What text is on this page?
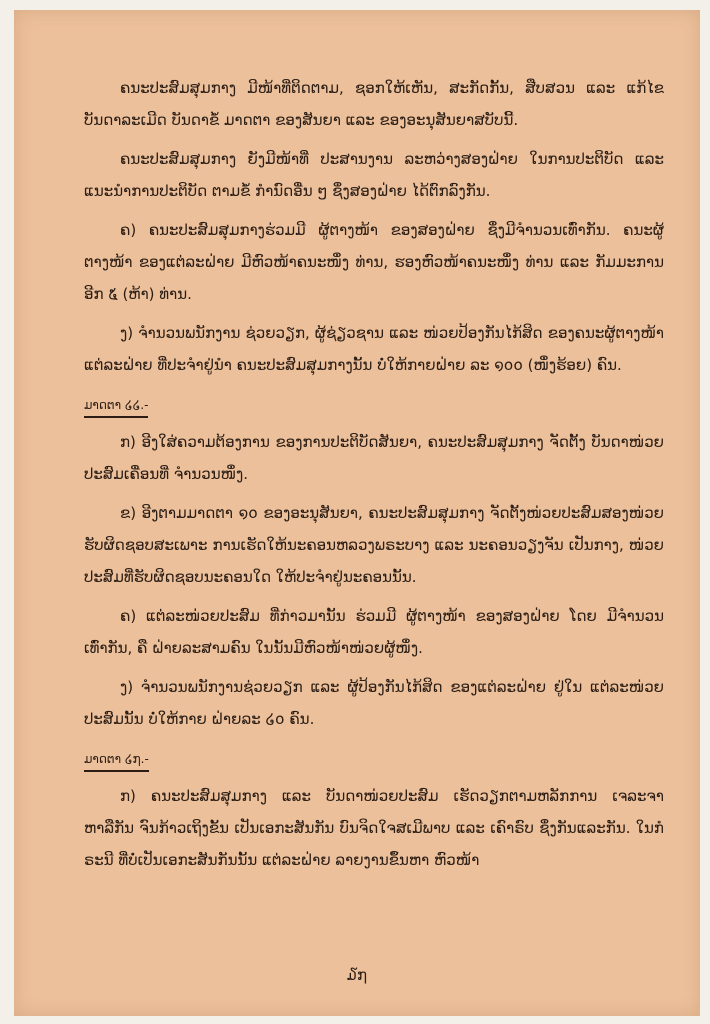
ຄນະປະສົມສຸມກາງ ມີໜ້າທີ່ຕິດຕາມ, ຊອກໃຫ້ເຫັນ, ສະກັດກັ້ນ, ສືບສວນ ແລະ ແກ້ໄຂ ບັນດາລະເມີດ ບັນດາຂໍ້ ມາດຕາ ຂອງສັນຍາ ແລະ ຂອງອະນຸສັນຍາສບັບນີ້.

ຄນະປະສົມສຸມກາງ ຍັງມີໜ້າທີ່ ປະສານງານ ລະຫວ່າງສອງຝ່າຍ ໃນການປະຕິບັດ ແລະ ແນະນຳການປະຕິບັດ ຕາມຂໍ້ ກຳນົດອື່ນ ໆ ຊຶ່ງສອງຝ່າຍ ໄດ້ຕົກລົງກັນ.

ຄ) ຄນະປະສົມສຸມກາງຮ່ວມມີ ຜູ້ຕາງໜ້າ ຂອງສອງຝ່າຍ ຊຶ່ງມີຈຳນວນເທົ່າກັນ. ຄນະຜູ້ຕາງໜ້າ ຂອງແຕ່ລະຝ່າຍ ມີຫົວໜ້າຄນະໜຶ່ງ ທ່ານ, ຮອງຫົວໜ້າຄນະໜຶ່ງ ທ່ານ ແລະ ກັມມະການອີກ ໕ (ຫ້າ) ທ່ານ.

ງ) ຈຳນວນພນັກງານ ຊ່ວຍວຽກ, ຜູ້ຊ່ຽວຊານ ແລະ ໜ່ວຍປ້ອງກັນໄກ້ສິດ ຂອງຄນະຜູ້ຕາງໜ້າ ແຕ່ລະຝ່າຍ ທີ່ປະຈຳຢູ່ນຳ ຄນະປະສົມສຸມກາງນັ້ນ ບໍ່ໃຫ້ກາຍຝ່າຍ ລະ ໑໐໐ (ໜຶ່ງຮ້ອຍ) ຄົນ.

ມາດຕາ ໒໒.-

ກ) ອີງໃສ່ຄວາມຕ້ອງການ ຂອງການປະຕິບັດສັນຍາ, ຄນະປະສົມສຸມກາງ ຈັດຕັ້ງ ບັນດາໜ່ວຍປະສົມເຄື່ອນທີ່ ຈຳນວນໜຶ່ງ.

ຂ) ອີງຕາມມາດຕາ ໑໐ ຂອງອະນຸສັນຍາ, ຄນະປະສົມສຸມກາງ ຈັດຕັ້ງໜ່ວຍປະສົມສອງໜ່ວຍ ຮັບຜິດຊອບສະເພາະ ການເຮັດໃຫ້ນະຄອນຫລວງພຣະບາງ ແລະ ນະຄອນວຽງຈັນ ເປັນກາງ, ໜ່ວຍປະສົມທີ່ຮັບຜິດຊອບນະຄອນໃດ ໃຫ້ປະຈຳຢູ່ນະຄອນນັ້ນ.

ຄ) ແຕ່ລະໜ່ວຍປະສົມ ທີ່ກ່າວມານັ້ນ ຮ່ວມມີ ຜູ້ຕາງໜ້າ ຂອງສອງຝ່າຍ ໂດຍ ມີຈຳນວນເທົ່າກັນ, ຄື ຝ່າຍລະສາມຄົນ ໃນນັ້ນມີຫົວໜ້າໜ່ວຍຜູ້ໜຶ່ງ.

ງ) ຈຳນວນພນັກງານຊ່ວຍວຽກ ແລະ ຜູ້ປ້ອງກັນໄກ້ສິດ ຂອງແຕ່ລະຝ່າຍ ຢູ່ໃນ ແຕ່ລະໜ່ວຍປະສົມນັ້ນ ບໍ່ໃຫ້ກາຍ ຝ່າຍລະ ໒໐ ຄົນ.

ມາດຕາ ໒໗.-

ກ) ຄນະປະສົມສຸມກາງ ແລະ ບັນດາໜ່ວຍປະສົມ ເຮັດວຽກຕາມຫລັກການ ເຈລະຈາ ຫາລືກັນ ຈົນກ້າວເຖິງຂັ້ນ ເປັນເອກະສັນກັນ ບົນຈິດໃຈສເມີພາບ ແລະ ເຄົາຣົບ ຊຶ່ງກັນແລະກັນ. ໃນກໍຣະນີ ທີ່ບໍ່ເປັນເອກະສັນກັນນັ້ນ ແຕ່ລະຝ່າຍ ລາຍງານຂຶ້ນຫາ ຫົວໜ້າ

໓໗
